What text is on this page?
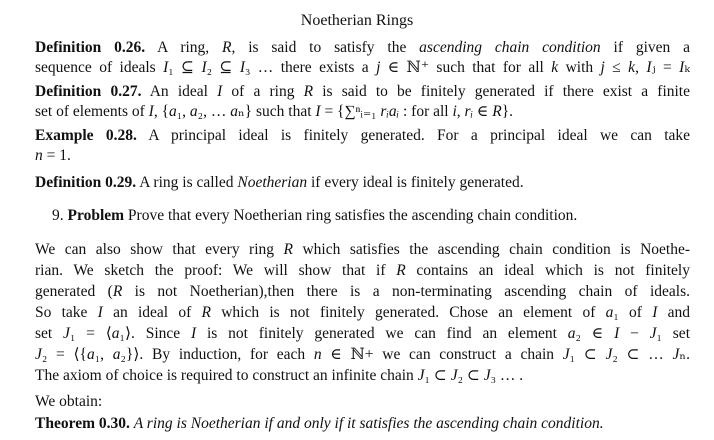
Noetherian Rings
Definition 0.26. A ring, R, is said to satisfy the ascending chain condition if given a
sequence of ideals I₁ ⊆ I₂ ⊆ I₃ … there exists a j ∈ ℕ⁺ such that for all k with j ≤ k, Iⱼ = Iₖ
Definition 0.27. An ideal I of a ring R is said to be finitely generated if there exist a finite
set of elements of I, {a₁, a₂, … aₙ} such that I = {∑ⁿᵢ₌₁ rᵢaᵢ : for all i, rᵢ ∈ R}.
Example 0.28. A principal ideal is finitely generated. For a principal ideal we can take
n = 1.
Definition 0.29. A ring is called Noetherian if every ideal is finitely generated.
9. Problem Prove that every Noetherian ring satisfies the ascending chain condition.
We can also show that every ring R which satisfies the ascending chain condition is Noethe-
rian. We sketch the proof: We will show that if R contains an ideal which is not finitely
generated (R is not Noetherian),then there is a non-terminating ascending chain of ideals.
So take I an ideal of R which is not finitely generated. Chose an element of a₁ of I and
set J₁ = ⟨a₁⟩. Since I is not finitely generated we can find an element a₂ ∈ I − J₁ set
J₂ = ⟨{a₁, a₂}⟩. By induction, for each n ∈ ℕ+ we can construct a chain J₁ ⊂ J₂ ⊂ … Jₙ.
The axiom of choice is required to construct an infinite chain J₁ ⊂ J₂ ⊂ J₃ … .
We obtain:
Theorem 0.30. A ring is Noetherian if and only if it satisfies the ascending chain condition.
